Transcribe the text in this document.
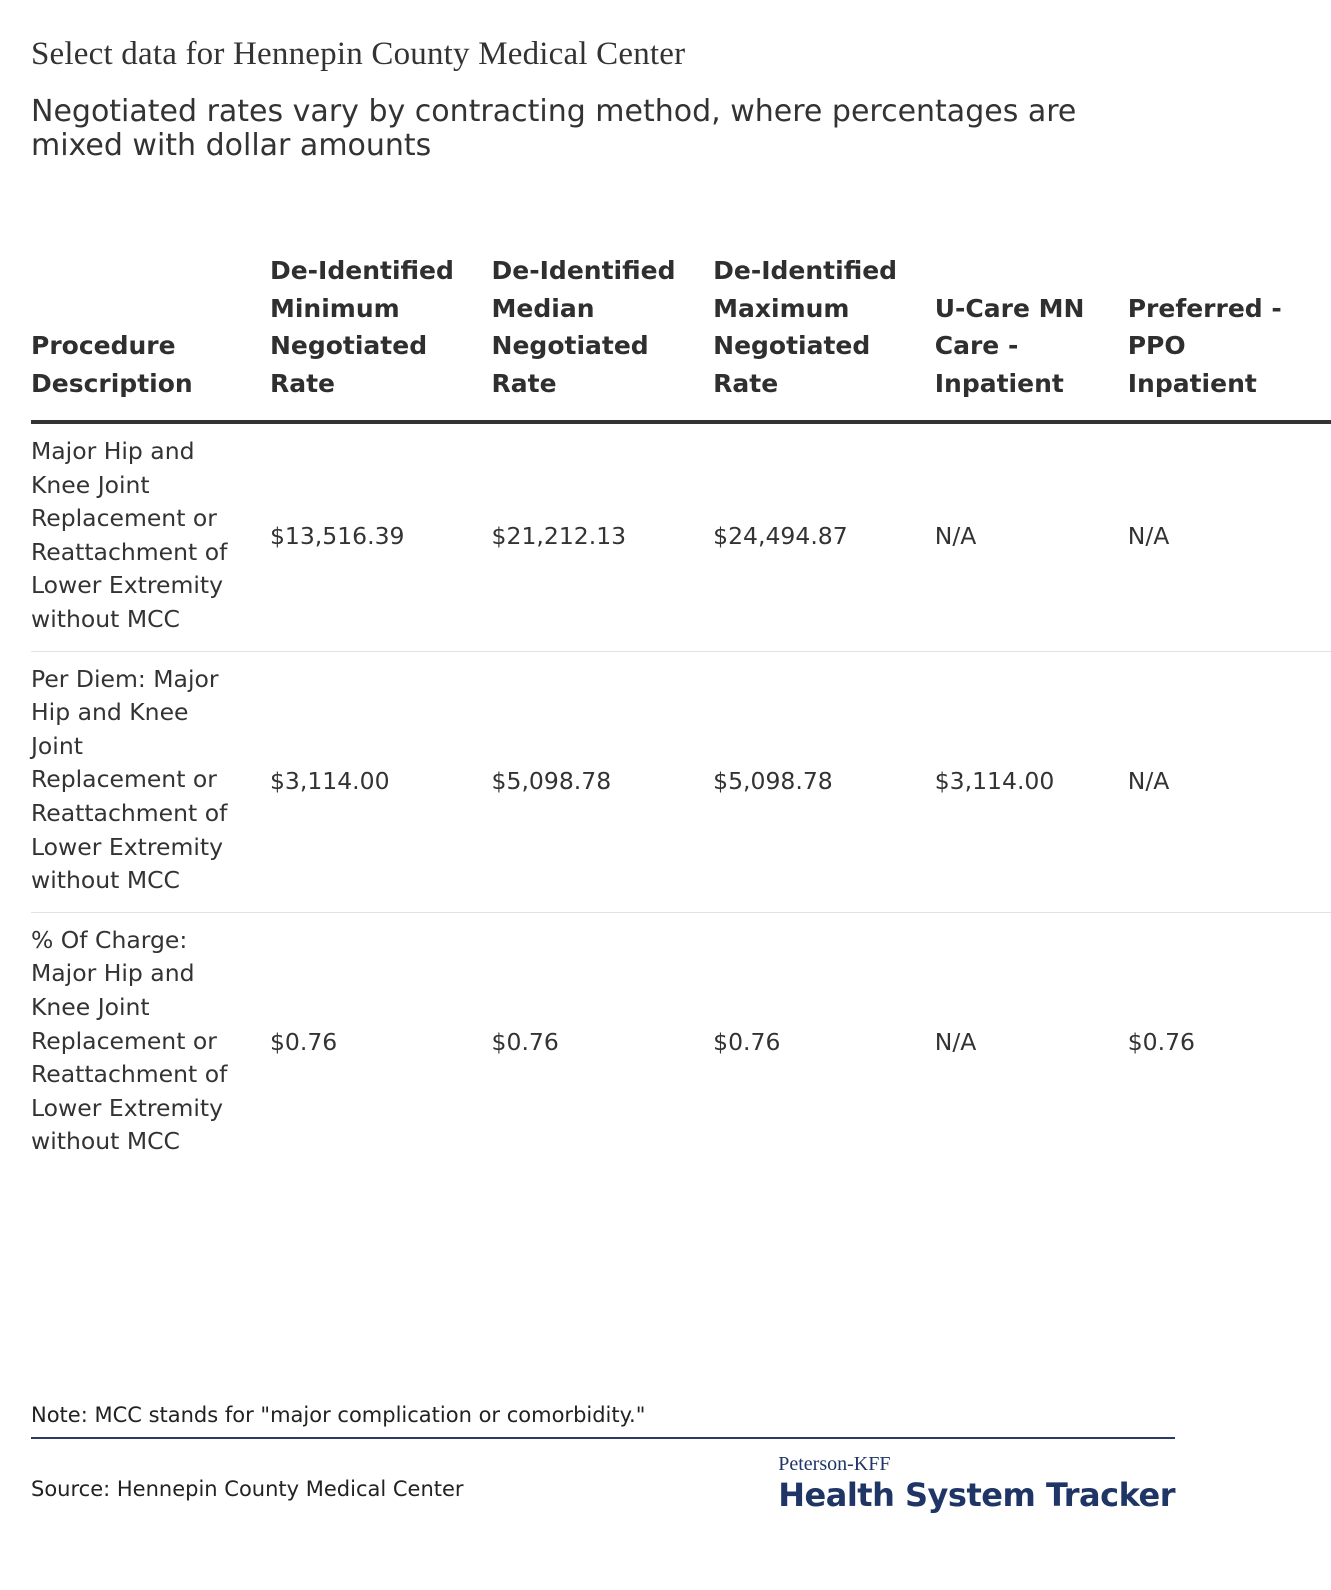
Select data for Hennepin County Medical Center
Negotiated rates vary by contracting method, where percentages are mixed with dollar amounts
Procedure Description	De-Identified Minimum Negotiated Rate	De-Identified Median Negotiated Rate	De-Identified Maximum Negotiated Rate	U-Care MN Care - Inpatient	Preferred - PPO Inpatient
Major Hip and Knee Joint Replacement or Reattachment of Lower Extremity without MCC	$13,516.39	$21,212.13	$24,494.87	N/A	N/A
Per Diem: Major Hip and Knee Joint Replacement or Reattachment of Lower Extremity without MCC	$3,114.00	$5,098.78	$5,098.78	$3,114.00	N/A
% Of Charge: Major Hip and Knee Joint Replacement or Reattachment of Lower Extremity without MCC	$0.76	$0.76	$0.76	N/A	$0.76

Note: MCC stands for "major complication or comorbidity."

Source: Hennepin County Medical Center

Peterson-KFF
Health System Tracker
